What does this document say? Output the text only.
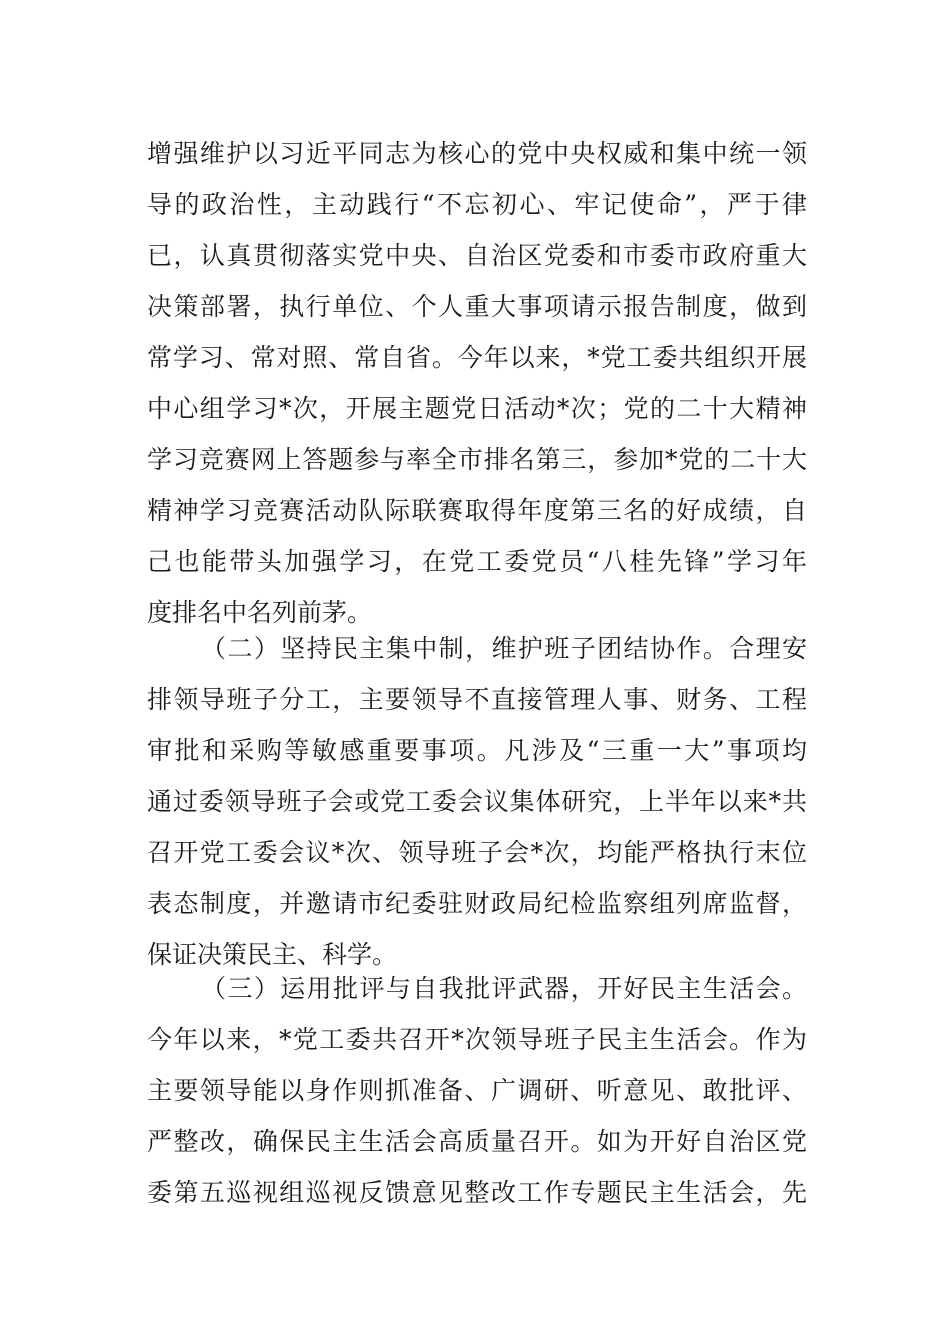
增强维护以习近平同志为核心的党中央权威和集中统一领
导的政治性，主动践行“不忘初心、牢记使命”，严于律
已，认真贯彻落实党中央、自治区党委和市委市政府重大
决策部署，执行单位、个人重大事项请示报告制度，做到
常学习、常对照、常自省。今年以来，*党工委共组织开展
中心组学习*次，开展主题党日活动*次；党的二十大精神
学习竞赛网上答题参与率全市排名第三，参加*党的二十大
精神学习竞赛活动队际联赛取得年度第三名的好成绩，自
己也能带头加强学习，在党工委党员“八桂先锋”学习年
度排名中名列前茅。
（二）坚持民主集中制，维护班子团结协作。合理安
排领导班子分工，主要领导不直接管理人事、财务、工程
审批和采购等敏感重要事项。凡涉及“三重一大”事项均
通过委领导班子会或党工委会议集体研究，上半年以来*共
召开党工委会议*次、领导班子会*次，均能严格执行末位
表态制度，并邀请市纪委驻财政局纪检监察组列席监督，
保证决策民主、科学。
（三）运用批评与自我批评武器，开好民主生活会。
今年以来，*党工委共召开*次领导班子民主生活会。作为
主要领导能以身作则抓准备、广调研、听意见、敢批评、
严整改，确保民主生活会高质量召开。如为开好自治区党
委第五巡视组巡视反馈意见整改工作专题民主生活会，先
